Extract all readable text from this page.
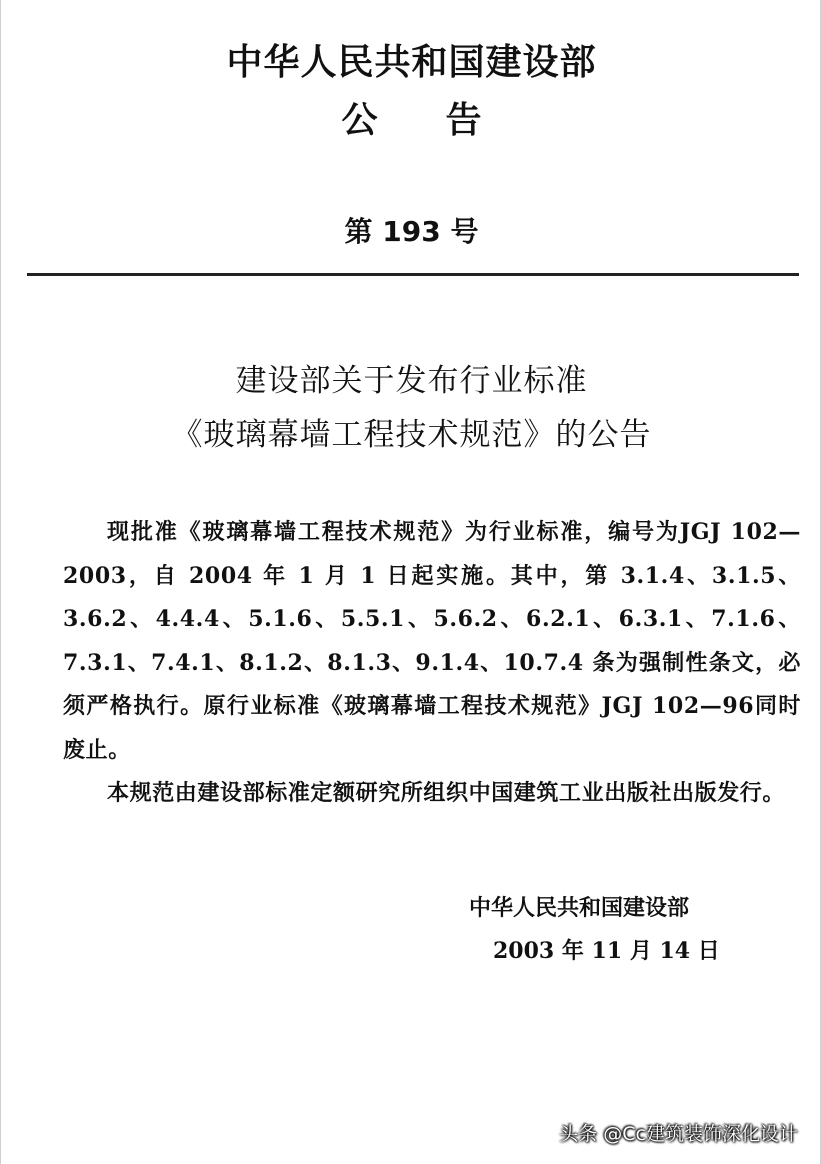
中华人民共和国建设部
公告
第 193 号
建设部关于发布行业标准
《玻璃幕墙工程技术规范》的公告

现批准《玻璃幕墙工程技术规范》为行业标准，编号为JGJ 102—2003，自 2004 年 1 月 1 日起实施。其中，第 3.1.4、3.1.5、3.6.2、4.4.4、5.1.6、5.5.1、5.6.2、6.2.1、6.3.1、7.1.6、7.3.1、7.4.1、8.1.2、8.1.3、9.1.4、10.7.4 条为强制性条文，必须严格执行。原行业标准《玻璃幕墙工程技术规范》JGJ 102—96同时废止。

本规范由建设部标准定额研究所组织中国建筑工业出版社出版发行。

中华人民共和国建设部
2003 年 11 月 14 日
头条 @Cc建筑装饰深化设计
